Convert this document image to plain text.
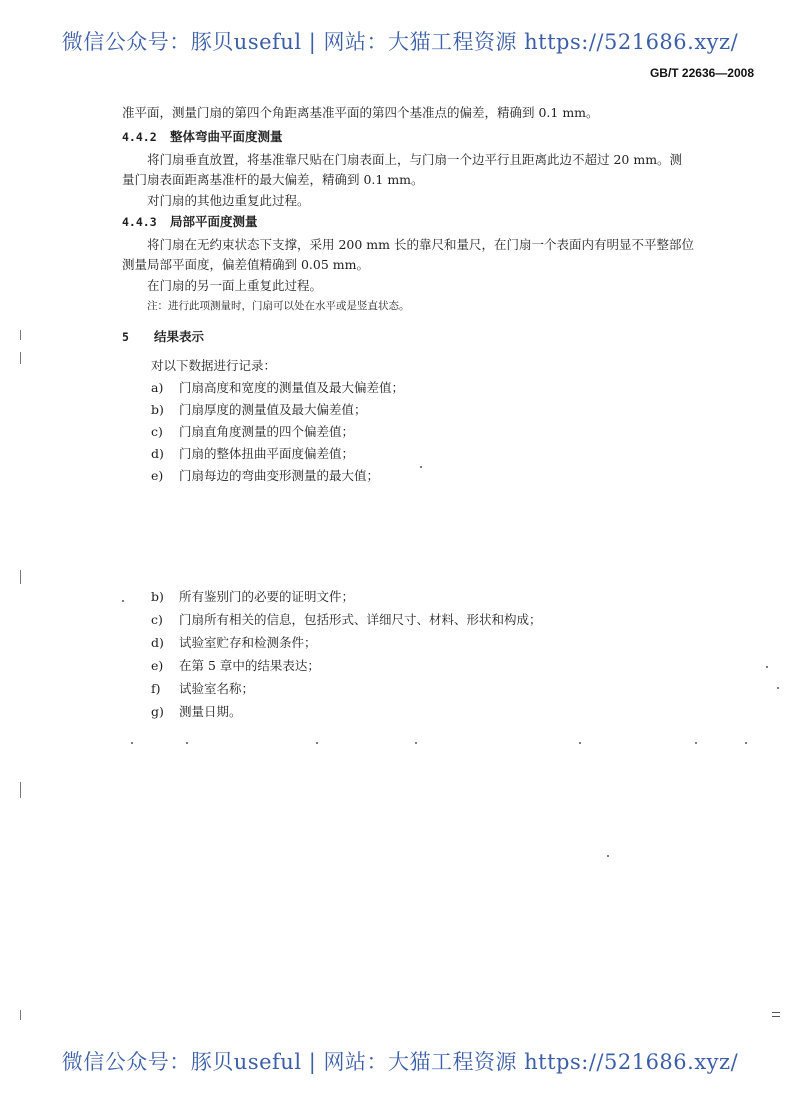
微信公众号：豚贝useful | 网站：大猫工程资源 https://521686.xyz/
GB/T 22636—2008
准平面，测量门扇的第四个角距离基准平面的第四个基准点的偏差，精确到 0.1 mm。
4.4.2 整体弯曲平面度测量
将门扇垂直放置，将基准靠尺贴在门扇表面上，与门扇一个边平行且距离此边不超过 20 mm。测
量门扇表面距离基准杆的最大偏差，精确到 0.1 mm。
对门扇的其他边重复此过程。
4.4.3 局部平面度测量
将门扇在无约束状态下支撑，采用 200 mm 长的靠尺和量尺，在门扇一个表面内有明显不平整部位
测量局部平面度，偏差值精确到 0.05 mm。
在门扇的另一面上重复此过程。
注：进行此项测量时，门扇可以处在水平或是竖直状态。
5 结果表示
对以下数据进行记录：
a) 门扇高度和宽度的测量值及最大偏差值；
b) 门扇厚度的测量值及最大偏差值；
c) 门扇直角度测量的四个偏差值；
d) 门扇的整体扭曲平面度偏差值；
e) 门扇每边的弯曲变形测量的最大值；
b) 所有鉴别门的必要的证明文件；
c) 门扇所有相关的信息，包括形式、详细尺寸、材料、形状和构成；
d) 试验室贮存和检测条件；
e) 在第 5 章中的结果表达；
f) 试验室名称；
g) 测量日期。
微信公众号：豚贝useful | 网站：大猫工程资源 https://521686.xyz/
